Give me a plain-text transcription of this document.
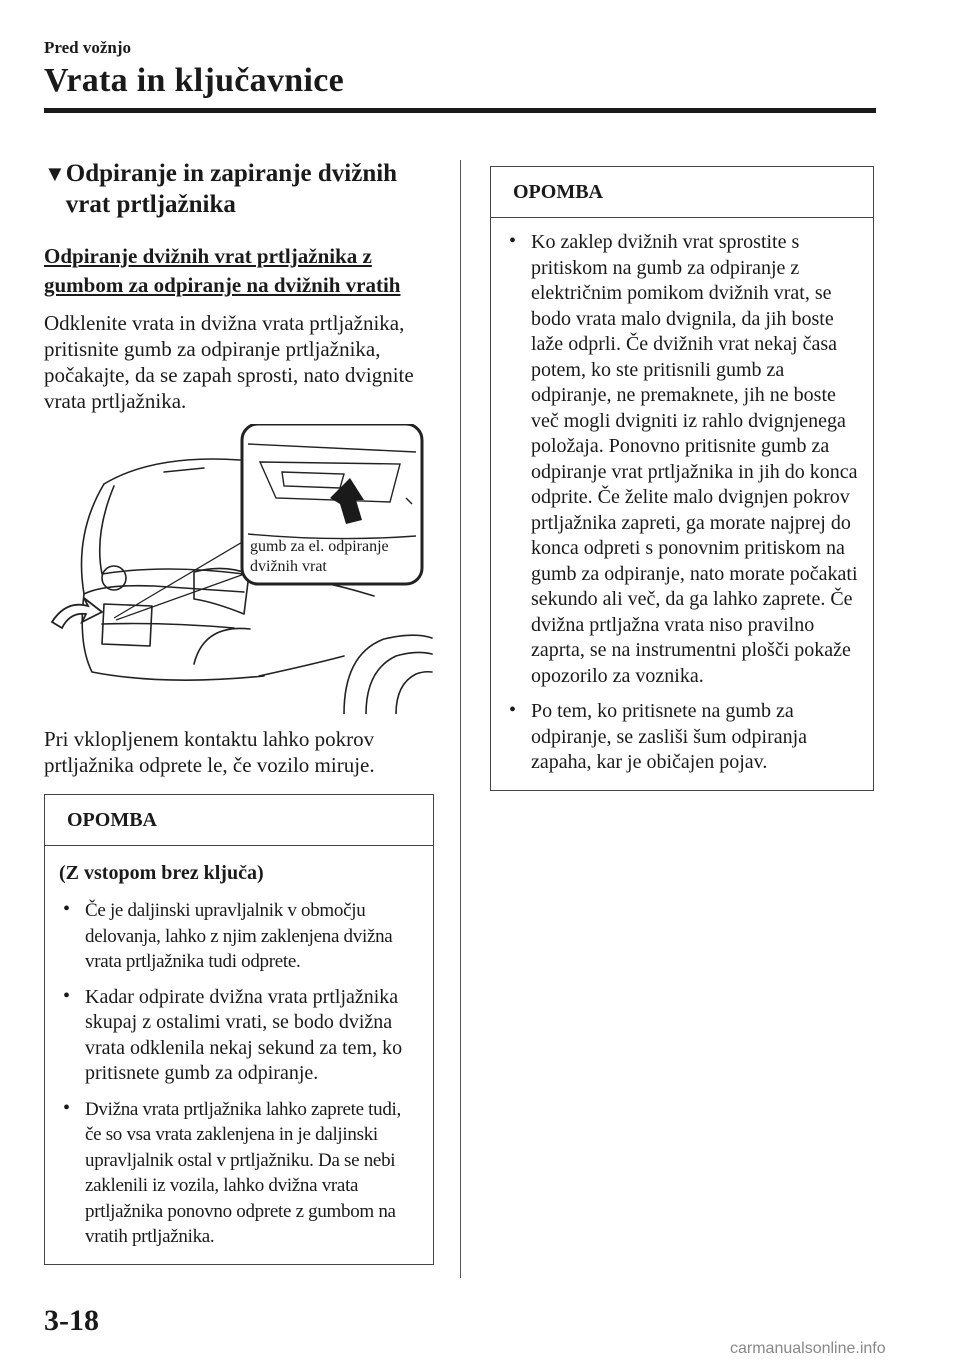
Pred vožnjo
Vrata in ključavnice
▼ Odpiranje in zapiranje dvižnih vrat prtljažnika
Odpiranje dvižnih vrat prtljažnika z gumbom za odpiranje na dvižnih vratih
Odklenite vrata in dvižna vrata prtljažnika, pritisnite gumb za odpiranje prtljažnika, počakajte, da se zapah sprosti, nato dvignite vrata prtljažnika.
gumb za el. odpiranje
dvižnih vrat
Pri vklopljenem kontaktu lahko pokrov prtljažnika odprete le, če vozilo miruje.
OPOMBA
(Z vstopom brez ključa)
• Če je daljinski upravljalnik v območju delovanja, lahko z njim zaklenjena dvižna vrata prtljažnika tudi odprete.
• Kadar odpirate dvižna vrata prtljažnika skupaj z ostalimi vrati, se bodo dvižna vrata odklenila nekaj sekund za tem, ko pritisnete gumb za odpiranje.
• Dvižna vrata prtljažnika lahko zaprete tudi, če so vsa vrata zaklenjena in je daljinski upravljalnik ostal v prtljažniku. Da se nebi zaklenili iz vozila, lahko dvižna vrata prtljažnika ponovno odprete z gumbom na vratih prtljažnika.
OPOMBA
• Ko zaklep dvižnih vrat sprostite s pritiskom na gumb za odpiranje z električnim pomikom dvižnih vrat, se bodo vrata malo dvignila, da jih boste laže odprli. Če dvižnih vrat nekaj časa potem, ko ste pritisnili gumb za odpiranje, ne premaknete, jih ne boste več mogli dvigniti iz rahlo dvignjenega položaja. Ponovno pritisnite gumb za odpiranje vrat prtljažnika in jih do konca odprite. Če želite malo dvignjen pokrov prtljažnika zapreti, ga morate najprej do konca odpreti s ponovnim pritiskom na gumb za odpiranje, nato morate počakati sekundo ali več, da ga lahko zaprete. Če dvižna prtljažna vrata niso pravilno zaprta, se na instrumentni plošči pokaže opozorilo za voznika.
• Po tem, ko pritisnete na gumb za odpiranje, se zasliši šum odpiranja zapaha, kar je običajen pojav.
3-18
carmanualsonline.info
